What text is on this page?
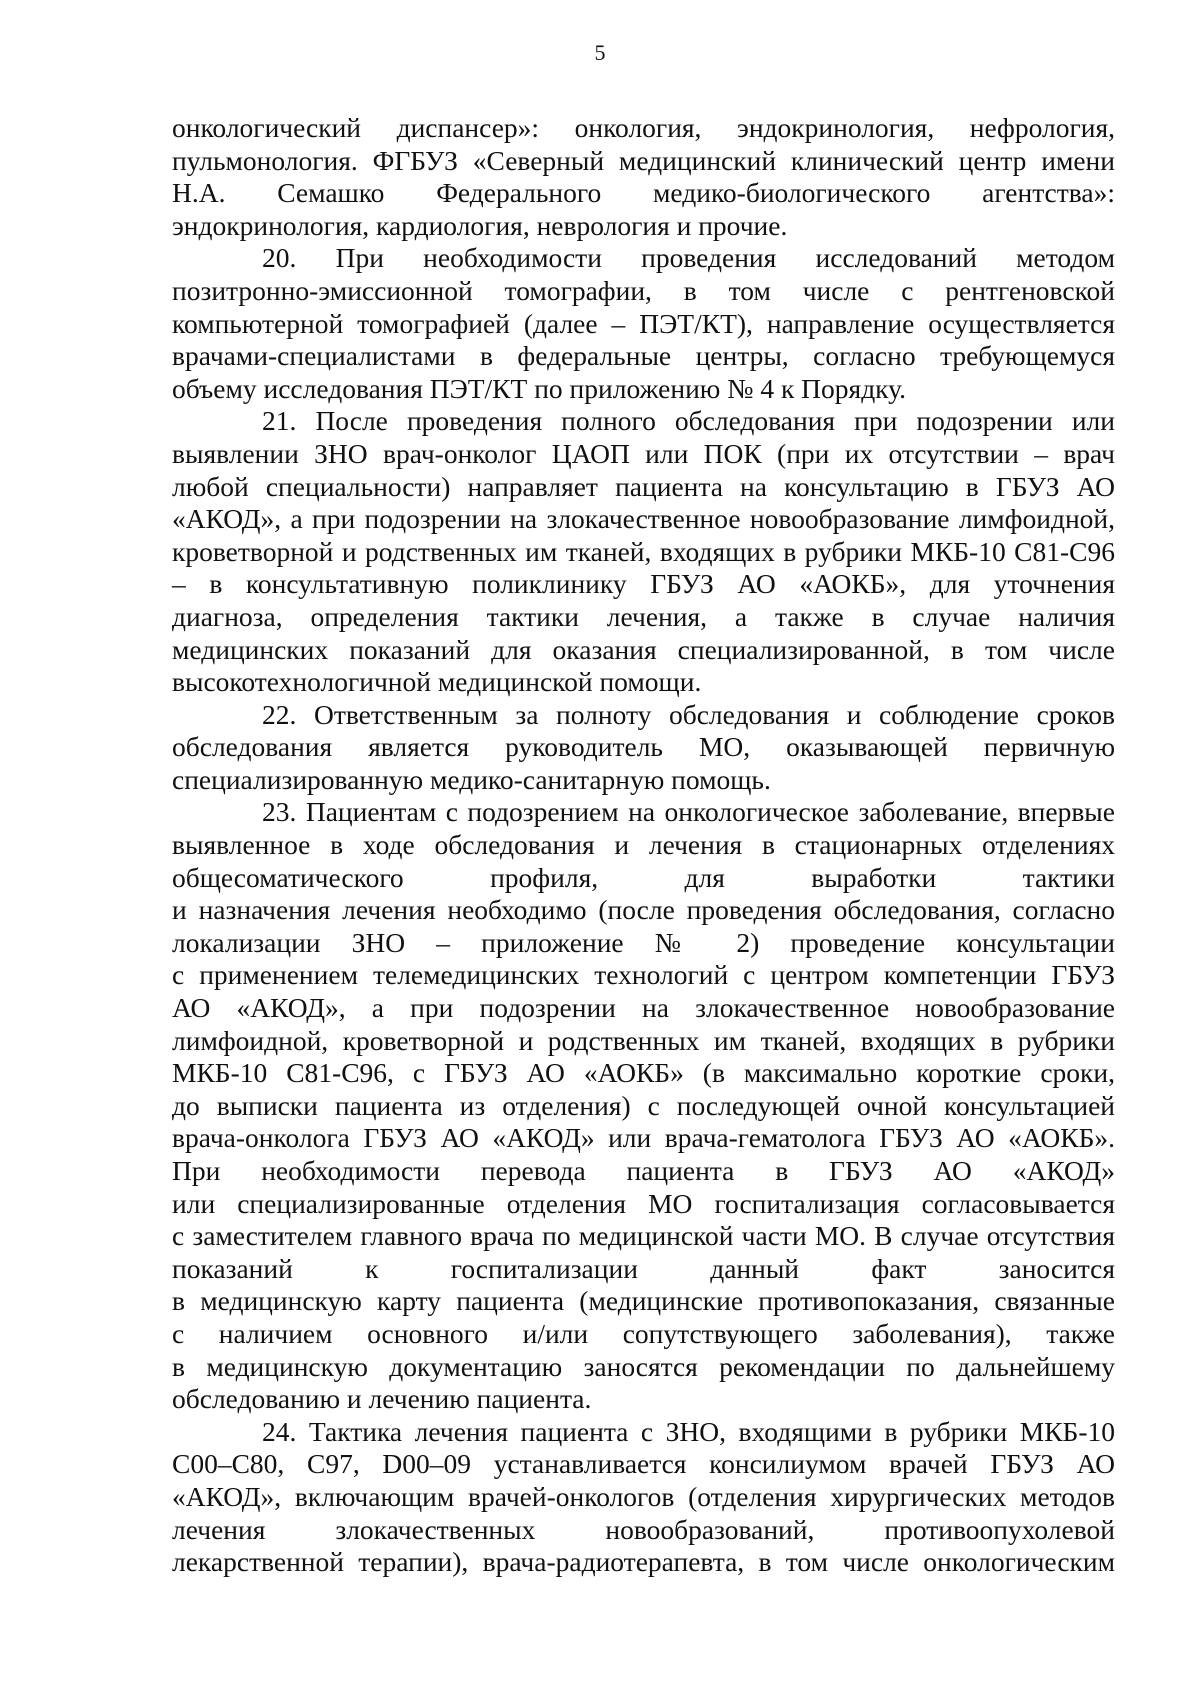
5
онкологический диспансер»: онкология, эндокринология, нефрология,
пульмонология. ФГБУЗ «Северный медицинский клинический центр имени
Н.А. Семашко Федерального медико-биологического агентства»:
эндокринология, кардиология, неврология и прочие.
20. При необходимости проведения исследований методом
позитронно-эмиссионной томографии, в том числе с рентгеновской
компьютерной томографией (далее – ПЭТ/КТ), направление осуществляется
врачами-специалистами в федеральные центры, согласно требующемуся
объему исследования ПЭТ/КТ по приложению № 4 к Порядку.
21. После проведения полного обследования при подозрении или
выявлении ЗНО врач-онколог ЦАОП или ПОК (при их отсутствии – врач
любой специальности) направляет пациента на консультацию в ГБУЗ АО
«АКОД», а при подозрении на злокачественное новообразование лимфоидной,
кроветворной и родственных им тканей, входящих в рубрики МКБ-10 С81-С96
– в консультативную поликлинику ГБУЗ АО «АОКБ», для уточнения
диагноза, определения тактики лечения, а также в случае наличия
медицинских показаний для оказания специализированной, в том числе
высокотехнологичной медицинской помощи.
22. Ответственным за полноту обследования и соблюдение сроков
обследования является руководитель МО, оказывающей первичную
специализированную медико-санитарную помощь.
23. Пациентам с подозрением на онкологическое заболевание, впервые
выявленное в ходе обследования и лечения в стационарных отделениях
общесоматического профиля, для выработки тактики
и назначения лечения необходимо (после проведения обследования, согласно
локализации ЗНО – приложение № 2) проведение консультации
с применением телемедицинских технологий с центром компетенции ГБУЗ
АО «АКОД», а при подозрении на злокачественное новообразование
лимфоидной, кроветворной и родственных им тканей, входящих в рубрики
МКБ-10 С81-С96, с ГБУЗ АО «АОКБ» (в максимально короткие сроки,
до выписки пациента из отделения) с последующей очной консультацией
врача-онколога ГБУЗ АО «АКОД» или врача-гематолога ГБУЗ АО «АОКБ».
При необходимости перевода пациента в ГБУЗ АО «АКОД»
или специализированные отделения МО госпитализация согласовывается
с заместителем главного врача по медицинской части МО. В случае отсутствия
показаний к госпитализации данный факт заносится
в медицинскую карту пациента (медицинские противопоказания, связанные
с наличием основного и/или сопутствующего заболевания), также
в медицинскую документацию заносятся рекомендации по дальнейшему
обследованию и лечению пациента.
24. Тактика лечения пациента с ЗНО, входящими в рубрики МКБ-10
С00–С80, С97, D00–09 устанавливается консилиумом врачей ГБУЗ АО
«АКОД», включающим врачей-онкологов (отделения хирургических методов
лечения злокачественных новообразований, противоопухолевой
лекарственной терапии), врача-радиотерапевта, в том числе онкологическим
